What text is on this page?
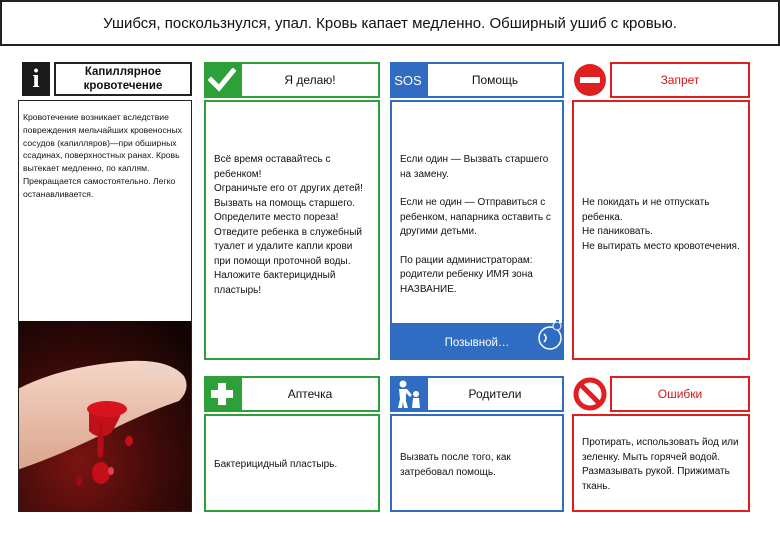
Ушибся, поскользнулся, упал. Кровь капает медленно. Обширный ушиб с кровью.
i	Капиллярное кровотечение
Кровотечение возникает вследствие повреждения мельчайших кровеносных сосудов (капилляров)—при обширных ссадинах, поверхностных ранах. Кровь вытекает медленно, по каплям. Прекращается самостоятельно. Легко останавливается.
Я делаю!
Всё время оставайтесь с ребенком!
Ограничьте его от других детей! Вызвать на помощь старшего.
Определите место пореза!
Отведите ребенка в служебный туалет и удалите капли крови при помощи проточной воды.
Наложите бактерицидный пластырь!
SOS	Помощь

Если один — Вызвать старшего на замену.

Если не один — Отправиться с ребенком, напарника оставить с другими детьми.

По рации администраторам: родители ребенку ИМЯ зона НАЗВАНИЕ.

Позывной…
Запрет
Не покидать и не отпускать ребенка.
Не паниковать.
Не вытирать место кровотечения.
Аптечка
Бактерицидный пластырь.
Родители
Вызвать после того, как затребовал помощь.
Ошибки
Протирать, использовать йод или зеленку. Мыть горячей водой. Размазывать рукой. Прижимать ткань.
